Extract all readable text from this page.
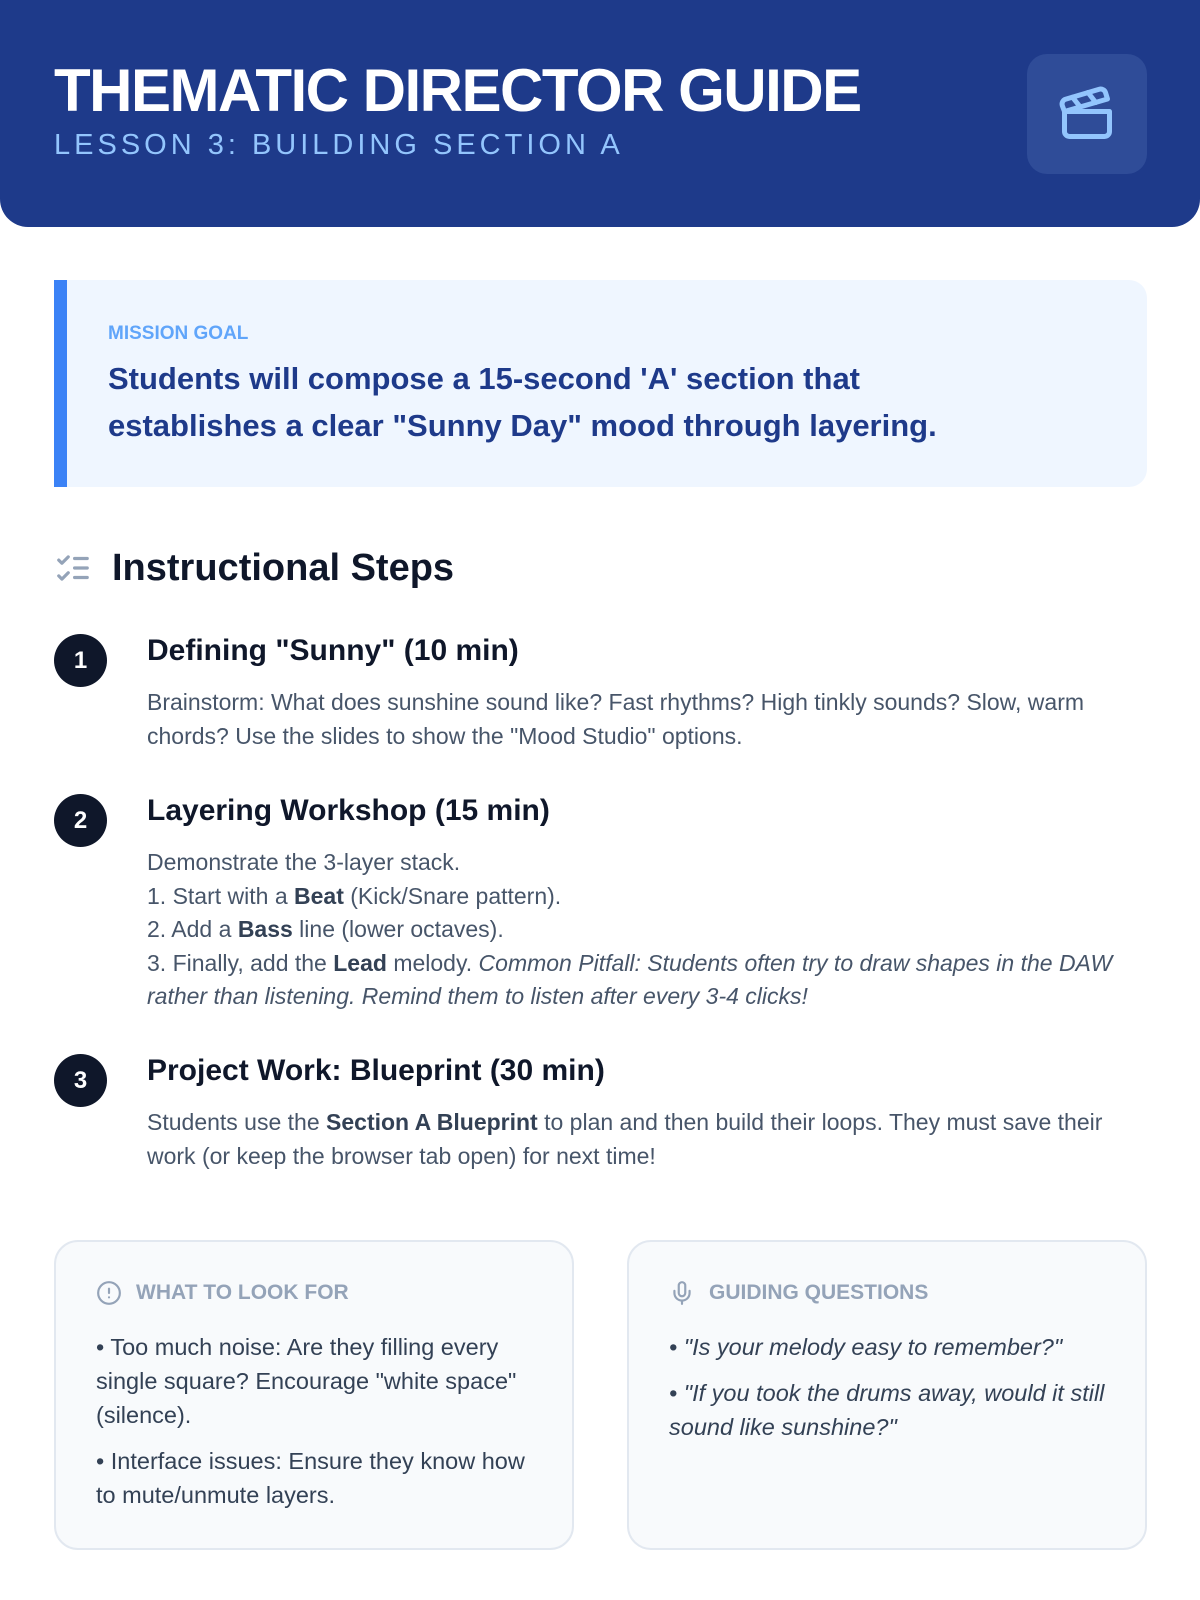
THEMATIC DIRECTOR GUIDE
LESSON 3: BUILDING SECTION A
MISSION GOAL
Students will compose a 15-second 'A' section that
establishes a clear "Sunny Day" mood through layering.
Instructional Steps
1	Defining "Sunny" (10 min)
Brainstorm: What does sunshine sound like? Fast rhythms? High tinkly sounds? Slow, warm chords? Use the slides to show the "Mood Studio" options.
2	Layering Workshop (15 min)
Demonstrate the 3-layer stack.
1. Start with a Beat (Kick/Snare pattern).
2. Add a Bass line (lower octaves).
3. Finally, add the Lead melody. Common Pitfall: Students often try to draw shapes in the DAW rather than listening. Remind them to listen after every 3-4 clicks!
3	Project Work: Blueprint (30 min)
Students use the Section A Blueprint to plan and then build their loops. They must save their work (or keep the browser tab open) for next time!
WHAT TO LOOK FOR
• Too much noise: Are they filling every single square? Encourage "white space" (silence).
• Interface issues: Ensure they know how to mute/unmute layers.
GUIDING QUESTIONS
• "Is your melody easy to remember?"
• "If you took the drums away, would it still sound like sunshine?"
